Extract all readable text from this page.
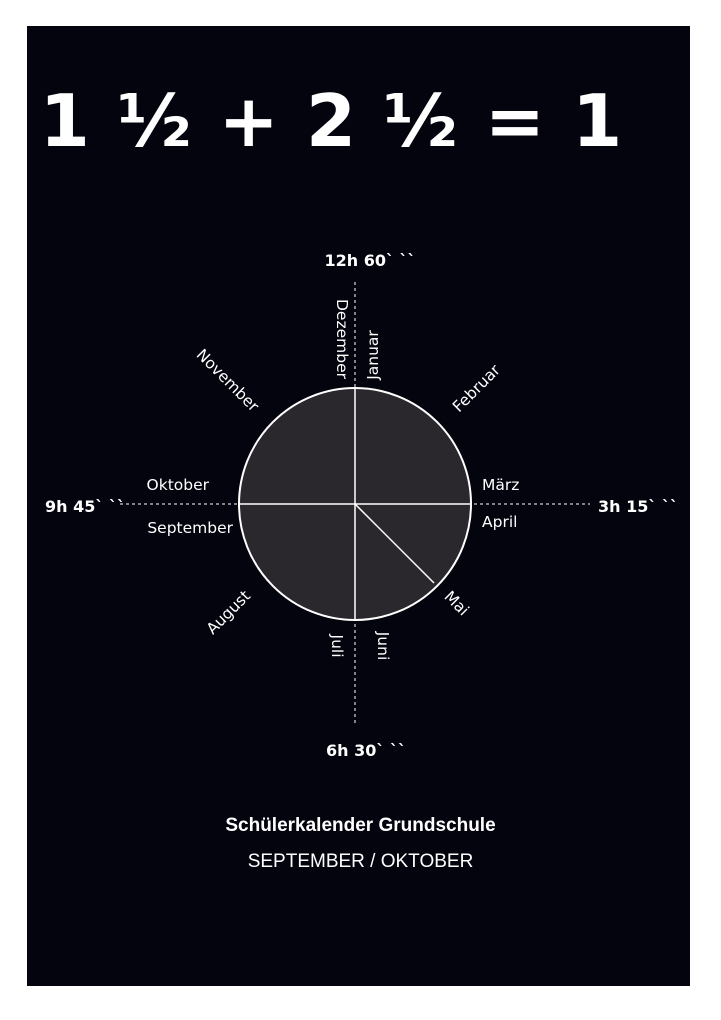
1 ½ + 2 ½ = 1
12h 60` ``
3h 15` ``
6h 30` ``
9h 45` ``
Dezember Januar
Februar
November
März
April
Oktober
September
Mai
August
Juli Juni
Schülerkalender Grundschule
SEPTEMBER / OKTOBER
